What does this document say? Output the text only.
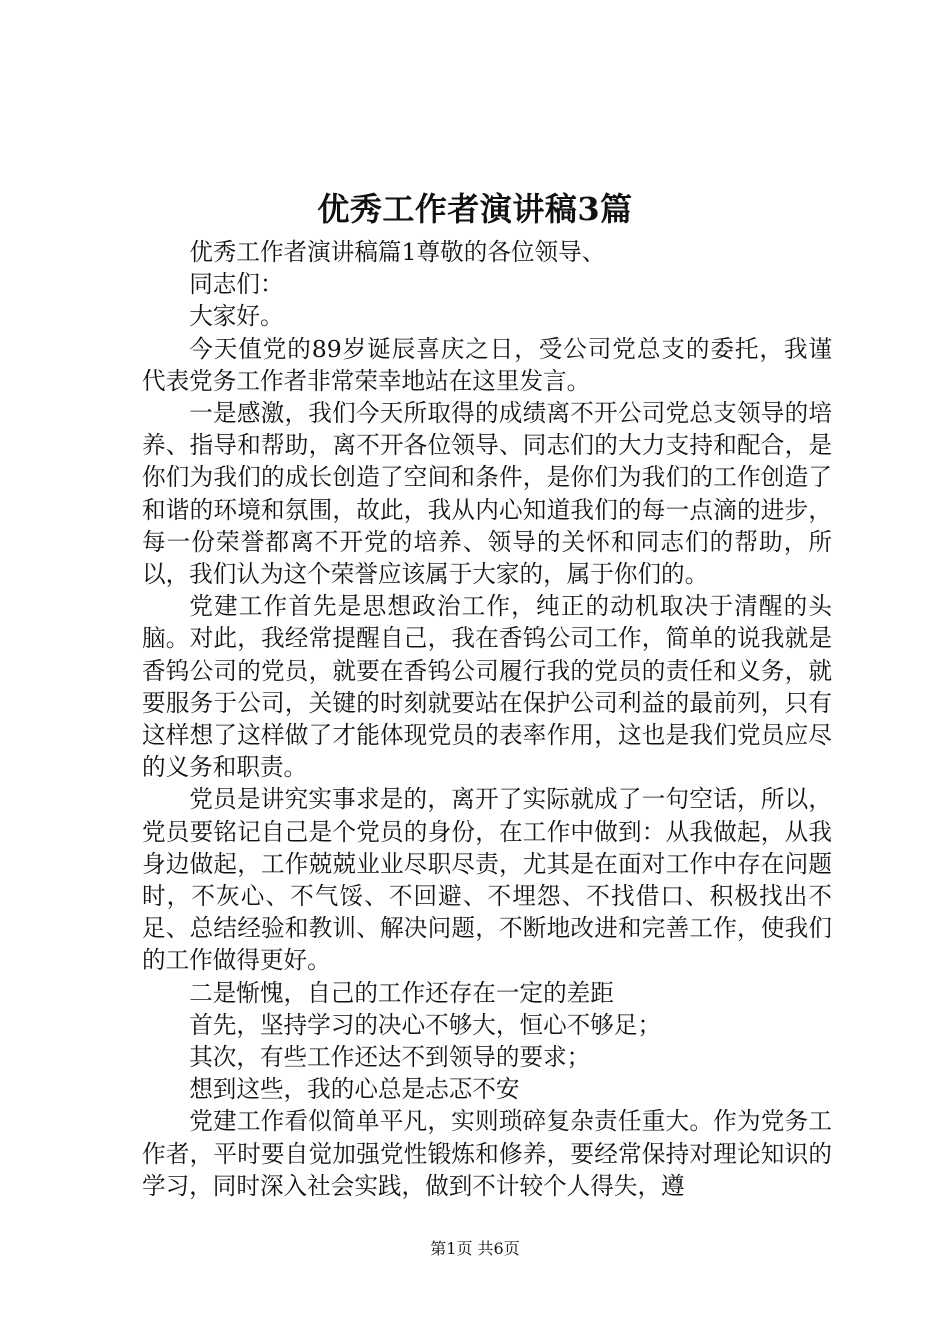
优秀工作者演讲稿3篇

优秀工作者演讲稿篇1尊敬的各位领导、

同志们：

大家好。

今天值党的89岁诞辰喜庆之日，受公司党总支的委托，我谨代表党务工作者非常荣幸地站在这里发言。

一是感激，我们今天所取得的成绩离不开公司党总支领导的培养、指导和帮助，离不开各位领导、同志们的大力支持和配合，是你们为我们的成长创造了空间和条件，是你们为我们的工作创造了和谐的环境和氛围，故此，我从内心知道我们的每一点滴的进步，每一份荣誉都离不开党的培养、领导的关怀和同志们的帮助，所以，我们认为这个荣誉应该属于大家的，属于你们的。

党建工作首先是思想政治工作，纯正的动机取决于清醒的头脑。对此，我经常提醒自己，我在香钨公司工作，简单的说我就是香钨公司的党员，就要在香钨公司履行我的党员的责任和义务，就要服务于公司，关键的时刻就要站在保护公司利益的最前列，只有这样想了这样做了才能体现党员的表率作用，这也是我们党员应尽的义务和职责。

党员是讲究实事求是的，离开了实际就成了一句空话，所以，党员要铭记自己是个党员的身份，在工作中做到：从我做起，从我身边做起，工作兢兢业业尽职尽责，尤其是在面对工作中存在问题时，不灰心、不气馁、不回避、不埋怨、不找借口、积极找出不足、总结经验和教训、解决问题，不断地改进和完善工作，使我们的工作做得更好。

二是惭愧，自己的工作还存在一定的差距

首先，坚持学习的决心不够大，恒心不够足；

其次，有些工作还达不到领导的要求；

想到这些，我的心总是忐忑不安

党建工作看似简单平凡，实则琐碎复杂责任重大。作为党务工作者，平时要自觉加强党性锻炼和修养，要经常保持对理论知识的学习，同时深入社会实践，做到不计较个人得失，遵

第1页 共6页
